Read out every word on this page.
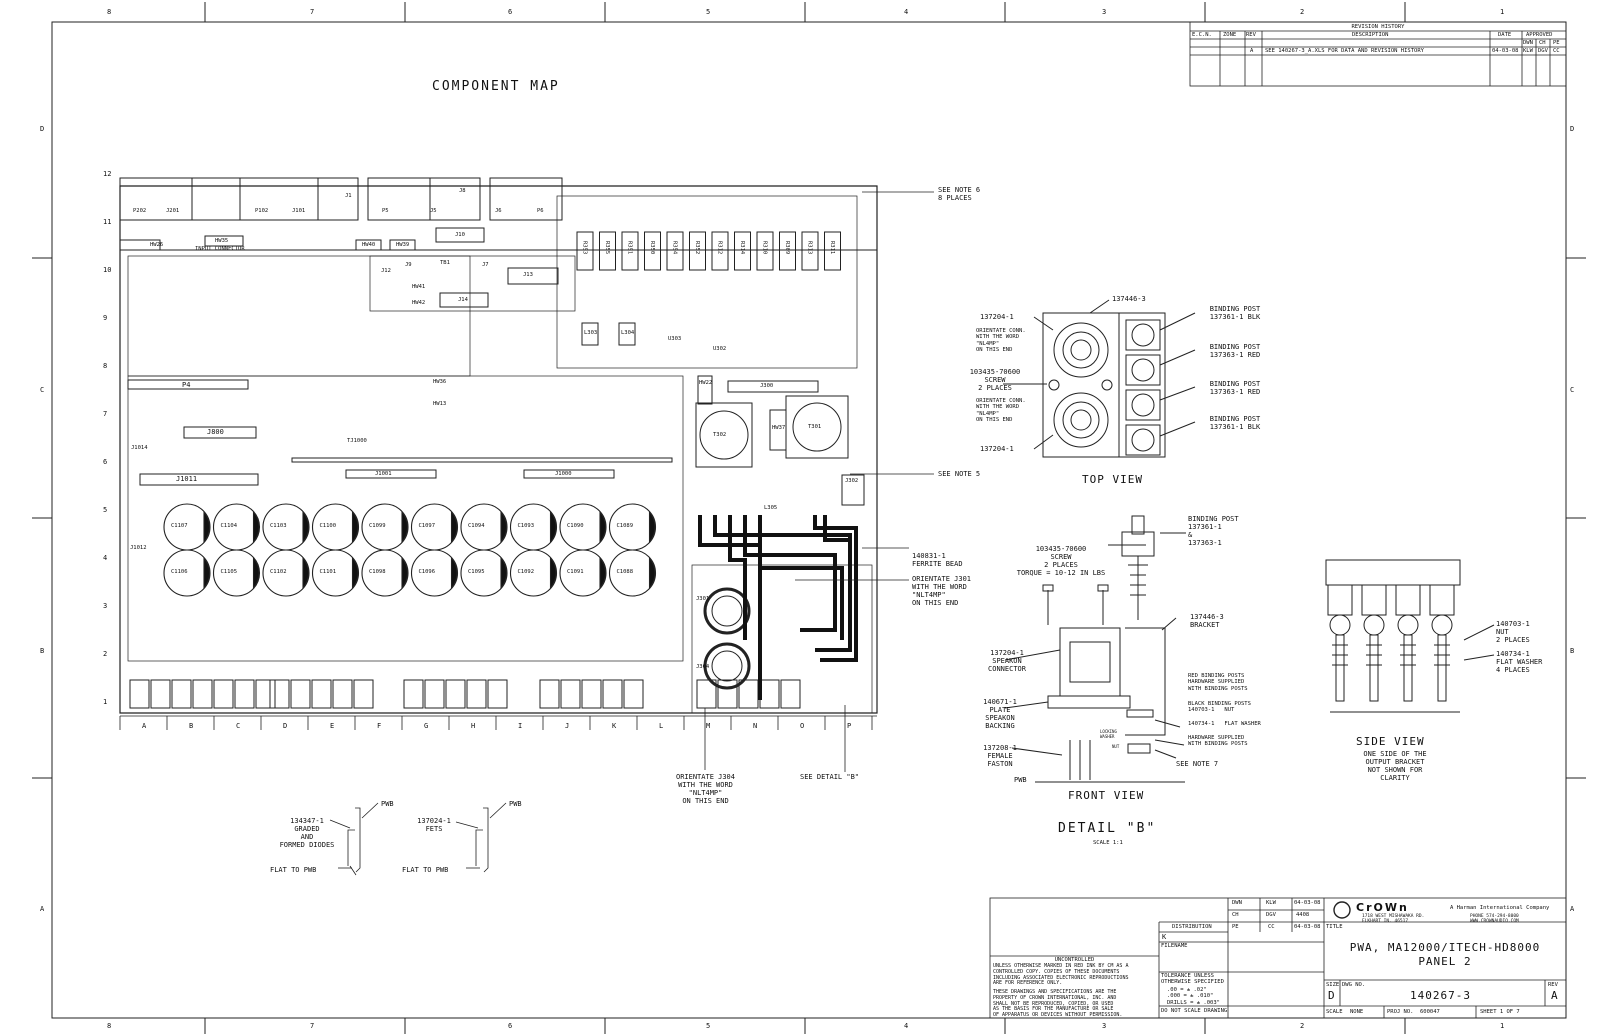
8	7	6	5	4	3	2	1
8	7	6	5	4	3	2	1
D
C
B
A
D
C
B
A
REVISION HISTORY
E.C.N. ZONE REV	DESCRIPTION	DATE	APPROVED
DWN CH PE
A SEE 140267-3_A.XLS FOR DATA AND REVISION HISTORY	04-03-08 KLW DGV CC
COMPONENT MAP
12
11
10
9
8
7
6
5
4
3
2
1
A	B	C	D	E	F	G	H	I	J	K	L	M	N	O	P
P202	J201	P102	J101
HW26
HW35
INPUT CONNECTOR
J1
P5	J5
J8
J6	P6
HW40	HW39
J10
J12
J9	TB1	J7
J13
HW41
HW42	J14
P4
J800
J1011
J1014
HW36
HW13
TJ1000
J1001	J1000
J300
T302
T301
HW22
HW37
L303	L304
U303
U302
J302
J301
J304
L305
J1012
R353	R355	R351	R350	R354	R352	R312	R314	R310	R309	R313	R311
C1107	C1104	C1103	C1100	C1099	C1097	C1094	C1093	C1090	C1089
C1106	C1105	C1102	C1101	C1098	C1096	C1095	C1092	C1091	C1088
SEE NOTE 6
8 PLACES
SEE NOTE 5
140831-1
FERRITE BEAD
ORIENTATE J301
WITH THE WORD
"NLT4MP"
ON THIS END
ORIENTATE J304
WITH THE WORD
"NLT4MP"
ON THIS END
SEE DETAIL "B"
134347-1
GRADED
AND
FORMED DIODES
137024-1
FETS
PWB	PWB
FLAT TO PWB	FLAT TO PWB
137446-3
137204-1
ORIENTATE CONN.
WITH THE WORD
"NL4MP"
ON THIS END
103435-70600
SCREW
2 PLACES
ORIENTATE CONN.
WITH THE WORD
"NL4MP"
ON THIS END
137204-1
BINDING POST
137361-1 BLK
BINDING POST
137363-1 RED
BINDING POST
137363-1 RED
BINDING POST
137361-1 BLK
TOP VIEW
103435-70600
SCREW
2 PLACES
TORQUE = 10-12 IN LBS
BINDING POST
137361-1
&
137363-1
137446-3
BRACKET
137204-1
SPEAKON
CONNECTOR
140671-1
PLATE
SPEAKON
BACKING
137208-1
FEMALE
FASTON
PWB
RED BINDING POSTS
HARDWARE SUPPLIED
WITH BINDING POSTS
BLACK BINDING POSTS
140703-1   NUT
140734-1   FLAT WASHER
HARDWARE SUPPLIED
WITH BINDING POSTS
SEE NOTE 7
LOCKING
WASHER
NUT
FRONT VIEW
DETAIL "B"
SCALE 1:1
140703-1
NUT
2 PLACES
140734-1
FLAT WASHER
4 PLACES
SIDE VIEW
ONE SIDE OF THE
OUTPUT BRACKET
NOT SHOWN FOR
CLARITY
DWN	KLW	04-03-08
CH	DGV	4408
PE	CC	04-03-08
DISTRIBUTION
K
FILENAME
CrOWn	A Harman International Company
1718 WEST MISHAWAKA RD.
ELKHART IN. 46517
PHONE 574-294-8000
WWW.CROWNAUDIO.COM
TITLE
PWA, MA12000/ITECH-HD8000
PANEL 2
UNCONTROLLED
UNLESS OTHERWISE MARKED IN RED INK BY CM AS A
CONTROLLED COPY. COPIES OF THESE DOCUMENTS
INCLUDING ASSOCIATED ELECTRONIC REPRODUCTIONS
ARE FOR REFERENCE ONLY.
THESE DRAWINGS AND SPECIFICATIONS ARE THE
PROPERTY OF CROWN INTERNATIONAL, INC. AND
SHALL NOT BE REPRODUCED, COPIED, OR USED
AS THE BASIS FOR THE MANUFACTURE OR SALE
OF APPARATUS OR DEVICES WITHOUT PERMISSION.
TOLERANCE UNLESS
OTHERWISE SPECIFIED
.00 = ± .02"
.000 = ± .010"
DRILLS = ± .003"
DO NOT SCALE DRAWING
SIZE
D
DWG NO.
140267-3
REV
A
SCALE NONE	PROJ NO. 600047	SHEET 1 OF 7
